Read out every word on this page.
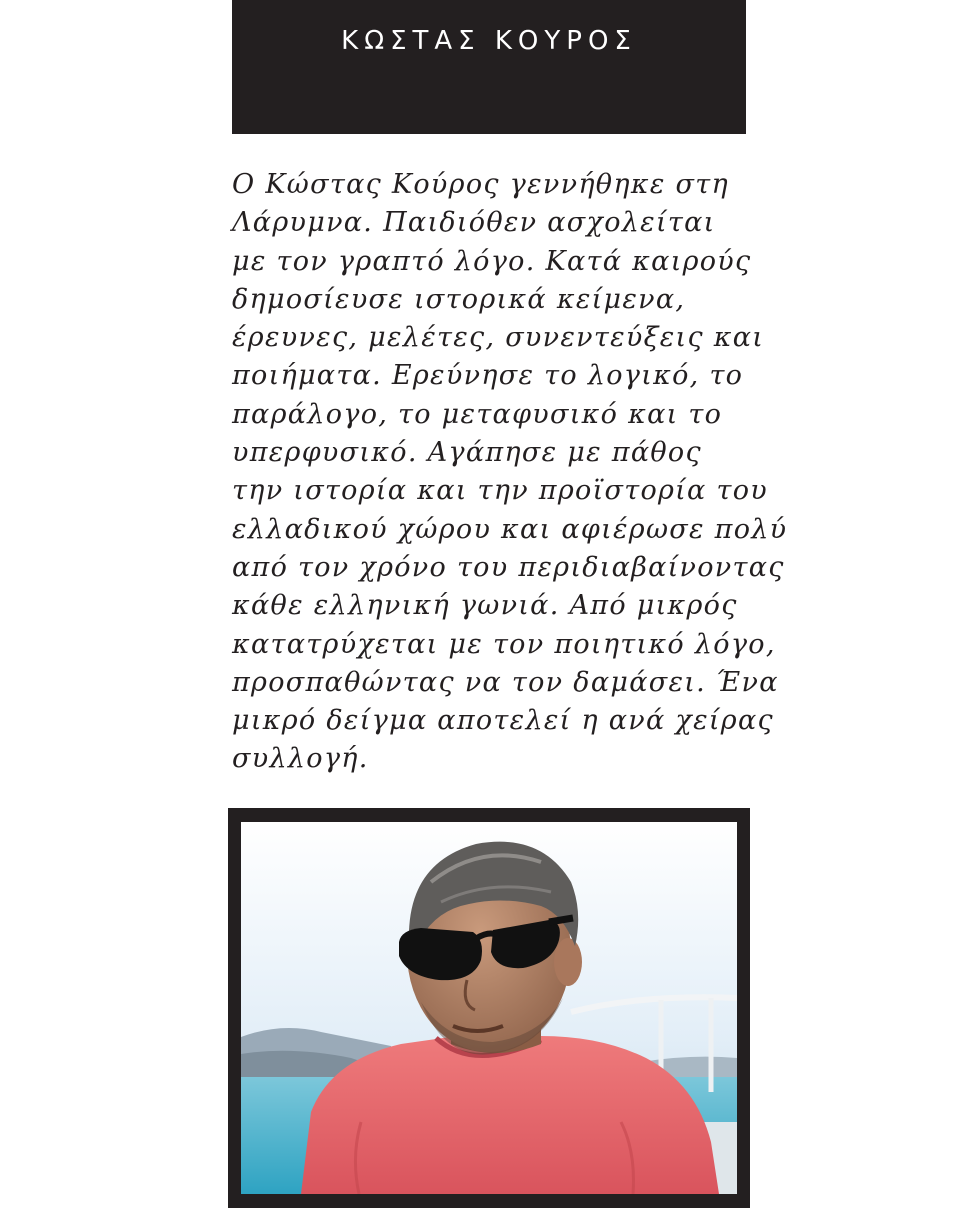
ΚΩΣΤΑΣ ΚΟΥΡΟΣ
Ο Κώστας Κούρος γεννήθηκε στη
Λάρυμνα. Παιδιόθεν ασχολείται
με τον γραπτό λόγο. Κατά καιρούς
δημοσίευσε ιστορικά κείμενα,
έρευνες, μελέτες, συνεντεύξεις και
ποιήματα. Ερεύνησε το λογικό, το
παράλογο, το μεταφυσικό και το
υπερφυσικό. Αγάπησε με πάθος
την ιστορία και την προϊστορία του
ελλαδικού χώρου και αφιέρωσε πολύ
από τον χρόνο του περιδιαβαίνοντας
κάθε ελληνική γωνιά. Από μικρός
κατατρύχεται με τον ποιητικό λόγο,
προσπαθώντας να τον δαμάσει. Ένα
μικρό δείγμα αποτελεί η ανά χείρας
συλλογή.
